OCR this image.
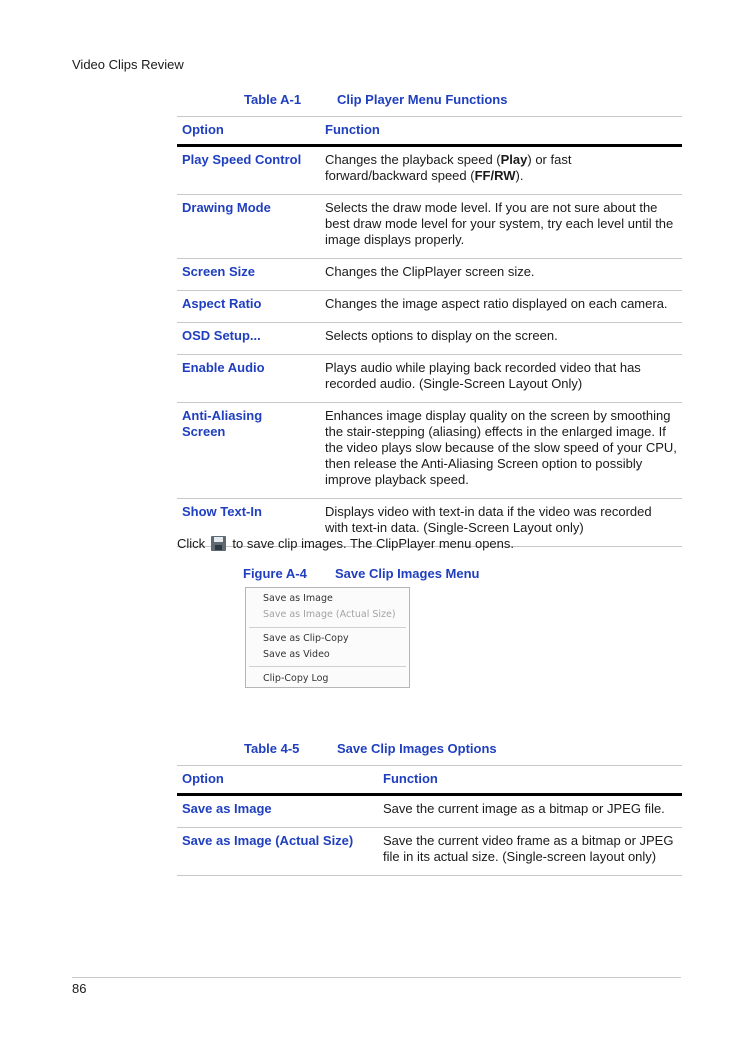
Video Clips Review
Table A-1	Clip Player Menu Functions
Option	Function
Play Speed Control	Changes the playback speed (Play) or fast forward/backward speed (FF/RW).
Drawing Mode	Selects the draw mode level. If you are not sure about the best draw mode level for your system, try each level until the image displays properly.
Screen Size	Changes the ClipPlayer screen size.
Aspect Ratio	Changes the image aspect ratio displayed on each camera.
OSD Setup...	Selects options to display on the screen.
Enable Audio	Plays audio while playing back recorded video that has recorded audio. (Single-Screen Layout Only)
Anti-Aliasing
Screen	Enhances image display quality on the screen by smoothing the stair-stepping (aliasing) effects in the enlarged image. If the video plays slow because of the slow speed of your CPU, then release the Anti-Aliasing Screen option to possibly improve playback speed.
Show Text-In	Displays video with text-in data if the video was recorded with text-in data. (Single-Screen Layout only)
Click to save clip images. The ClipPlayer menu opens.
Figure A-4 Save Clip Images Menu
Save as Image
Save as Image (Actual Size)
Save as Clip-Copy
Save as Video
Clip-Copy Log
Table 4-5	Save Clip Images Options
Option	Function
Save as Image	Save the current image as a bitmap or JPEG file.
Save as Image (Actual Size)	Save the current video frame as a bitmap or JPEG file in its actual size. (Single-screen layout only)
86
